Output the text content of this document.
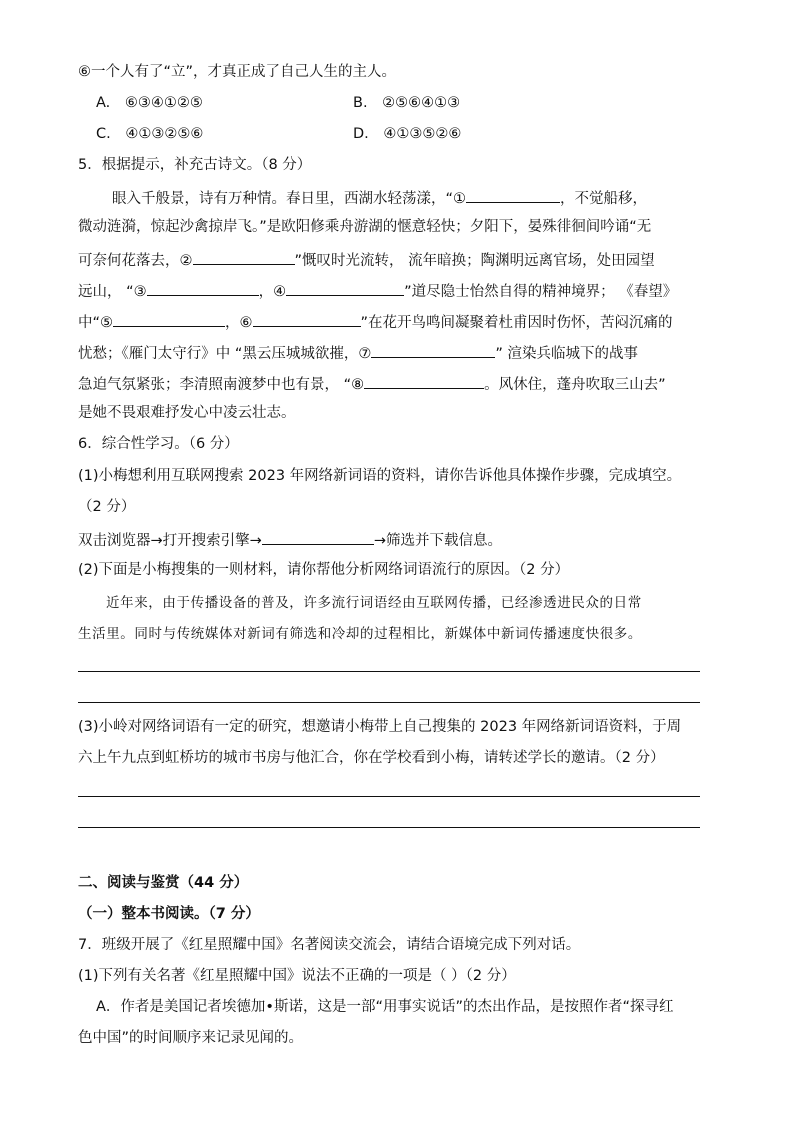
⑥一个人有了“立”，才真正成了自己人生的主人。
A. ⑥③④①②⑤	B. ②⑤⑥④①③
C. ④①③②⑤⑥	D. ④①③⑤②⑥
5．根据提示，补充古诗文。（8 分）
眼入千般景，诗有万种情。春日里，西湖水轻荡漾，“①	，不觉船移，
微动涟漪，惊起沙禽掠岸飞。”是欧阳修乘舟游湖的惬意轻快；夕阳下，晏殊徘徊间吟诵“无
可奈何花落去，②	”慨叹时光流转， 流年暗换；陶渊明远离官场，处田园望
远山， “③	，④	”道尽隐士怡然自得的精神境界； 《春望》
中“⑤	，⑥	”在花开鸟鸣间凝聚着杜甫因时伤怀，苦闷沉痛的
忧愁；《雁门太守行》中 “黑云压城城欲摧，⑦	” 渲染兵临城下的战事
急迫气氛紧张；李清照南渡梦中也有景， “⑧	。风休住，蓬舟吹取三山去”
是她不畏艰难抒发心中凌云壮志。
6．综合性学习。（6 分）
(1)小梅想利用互联网搜索 2023 年网络新词语的资料，请你告诉他具体操作步骤，完成填空。
（2 分）
双击浏览器→打开搜索引擎→	→筛选并下载信息。
(2)下面是小梅搜集的一则材料，请你帮他分析网络词语流行的原因。（2 分）
近年来，由于传播设备的普及，许多流行词语经由互联网传播，已经渗透进民众的日常
生活里。同时与传统媒体对新词有筛选和冷却的过程相比，新媒体中新词传播速度快很多。
(3)小岭对网络词语有一定的研究，想邀请小梅带上自己搜集的 2023 年网络新词语资料，于周
六上午九点到虹桥坊的城市书房与他汇合，你在学校看到小梅，请转述学长的邀请。（2 分）
二、阅读与鉴赏（44 分）
（一）整本书阅读。（7 分）
7．班级开展了《红星照耀中国》名著阅读交流会，请结合语境完成下列对话。
(1)下列有关名著《红星照耀中国》说法不正确的一项是（ ）（2 分）
A．作者是美国记者埃德加•斯诺，这是一部“用事实说话”的杰出作品，是按照作者“探寻红
色中国”的时间顺序来记录见闻的。
